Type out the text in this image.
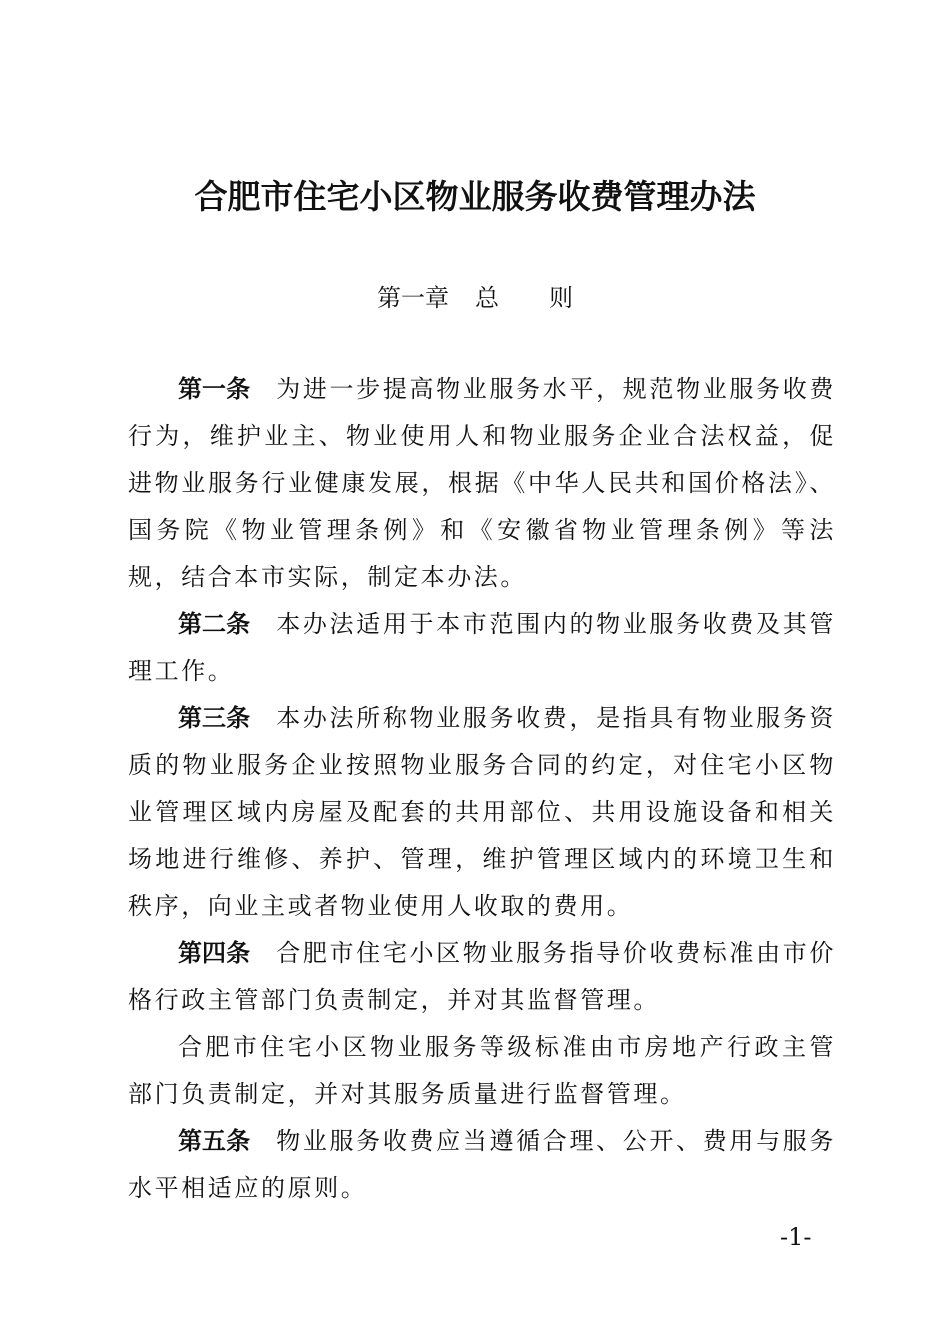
合肥市住宅小区物业服务收费管理办法
第一章 总 则

第一条 为进一步提高物业服务水平，规范物业服务收费行为，维护业主、物业使用人和物业服务企业合法权益，促进物业服务行业健康发展，根据《中华人民共和国价格法》、国务院《物业管理条例》和《安徽省物业管理条例》等法规，结合本市实际，制定本办法。

第二条 本办法适用于本市范围内的物业服务收费及其管理工作。

第三条 本办法所称物业服务收费，是指具有物业服务资质的物业服务企业按照物业服务合同的约定，对住宅小区物业管理区域内房屋及配套的共用部位、共用设施设备和相关场地进行维修、养护、管理，维护管理区域内的环境卫生和秩序，向业主或者物业使用人收取的费用。

第四条 合肥市住宅小区物业服务指导价收费标准由市价格行政主管部门负责制定，并对其监督管理。

合肥市住宅小区物业服务等级标准由市房地产行政主管部门负责制定，并对其服务质量进行监督管理。

第五条 物业服务收费应当遵循合理、公开、费用与服务水平相适应的原则。

-1-
